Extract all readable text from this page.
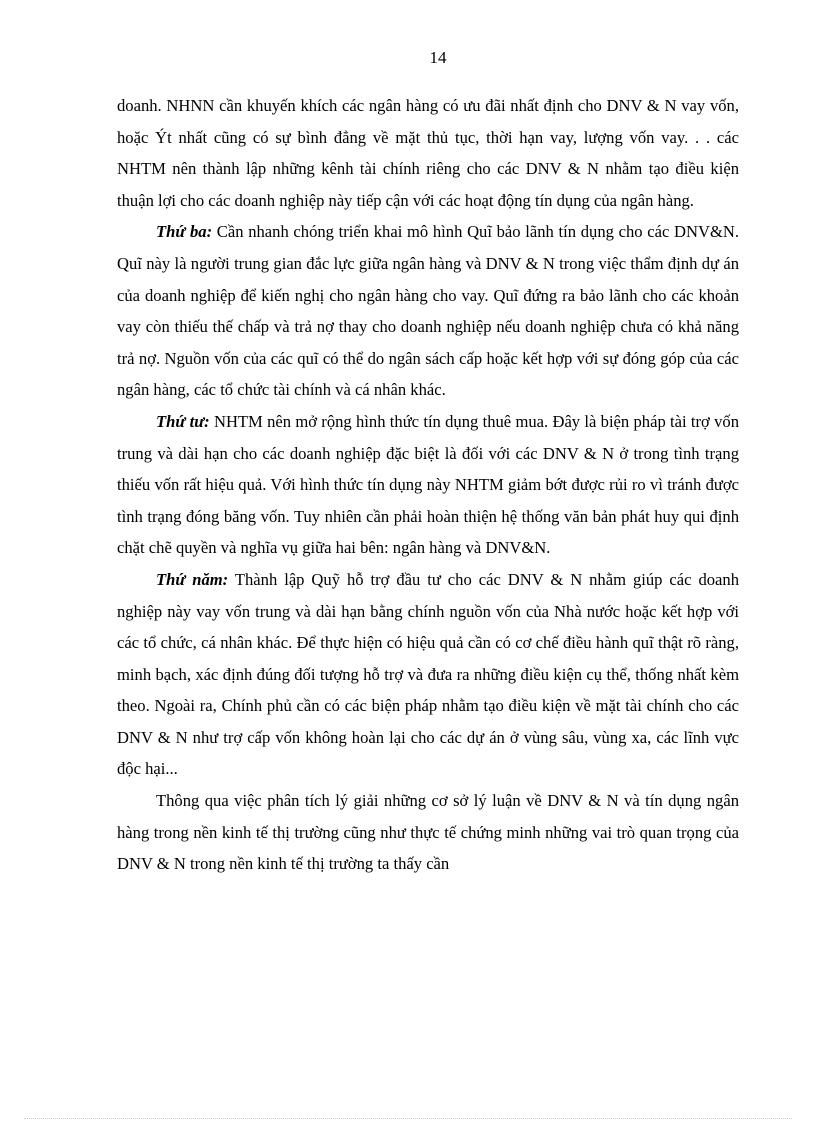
14

doanh. NHNN cần khuyến khích các ngân hàng có ưu đãi nhất định cho DNV & N vay vốn, hoặc Ýt nhất cũng có sự bình đẳng về mặt thủ tục, thời hạn vay, lượng vốn vay. . . các NHTM nên thành lập những kênh tài chính riêng cho các DNV & N nhằm tạo điều kiện thuận lợi cho các doanh nghiệp này tiếp cận với các hoạt động tín dụng của ngân hàng.

Thứ ba: Cần nhanh chóng triển khai mô hình Quĩ bảo lãnh tín dụng cho các DNV&N. Quĩ này là người trung gian đắc lực giữa ngân hàng và DNV & N trong việc thẩm định dự án của doanh nghiệp để kiến nghị cho ngân hàng cho vay. Quĩ đứng ra bảo lãnh cho các khoản vay còn thiếu thế chấp và trả nợ thay cho doanh nghiệp nếu doanh nghiệp chưa có khả năng trả nợ. Nguồn vốn của các quĩ có thể do ngân sách cấp hoặc kết hợp với sự đóng góp của các ngân hàng, các tổ chức tài chính và cá nhân khác.

Thứ tư: NHTM nên mở rộng hình thức tín dụng thuê mua. Đây là biện pháp tài trợ vốn trung và dài hạn cho các doanh nghiệp đặc biệt là đối với các DNV & N ở trong tình trạng thiếu vốn rất hiệu quả. Với hình thức tín dụng này NHTM giảm bớt được rủi ro vì tránh được tình trạng đóng băng vốn. Tuy nhiên cần phải hoàn thiện hệ thống văn bản phát huy qui định chặt chẽ quyền và nghĩa vụ giữa hai bên: ngân hàng và DNV&N.

Thứ năm: Thành lập Quỹ hỗ trợ đầu tư cho các DNV & N nhằm giúp các doanh nghiệp này vay vốn trung và dài hạn bằng chính nguồn vốn của Nhà nước hoặc kết hợp với các tổ chức, cá nhân khác. Để thực hiện có hiệu quả cần có cơ chế điều hành quĩ thật rõ ràng, minh bạch, xác định đúng đối tượng hỗ trợ và đưa ra những điều kiện cụ thể, thống nhất kèm theo. Ngoài ra, Chính phủ cần có các biện pháp nhằm tạo điều kiện về mặt tài chính cho các DNV & N như trợ cấp vốn không hoàn lại cho các dự án ở vùng sâu, vùng xa, các lĩnh vực độc hại...

Thông qua việc phân tích lý giải những cơ sở lý luận về DNV & N và tín dụng ngân hàng trong nền kinh tế thị trường cũng như thực tế chứng minh những vai trò quan trọng của DNV & N trong nền kinh tế thị trường ta thấy cần
